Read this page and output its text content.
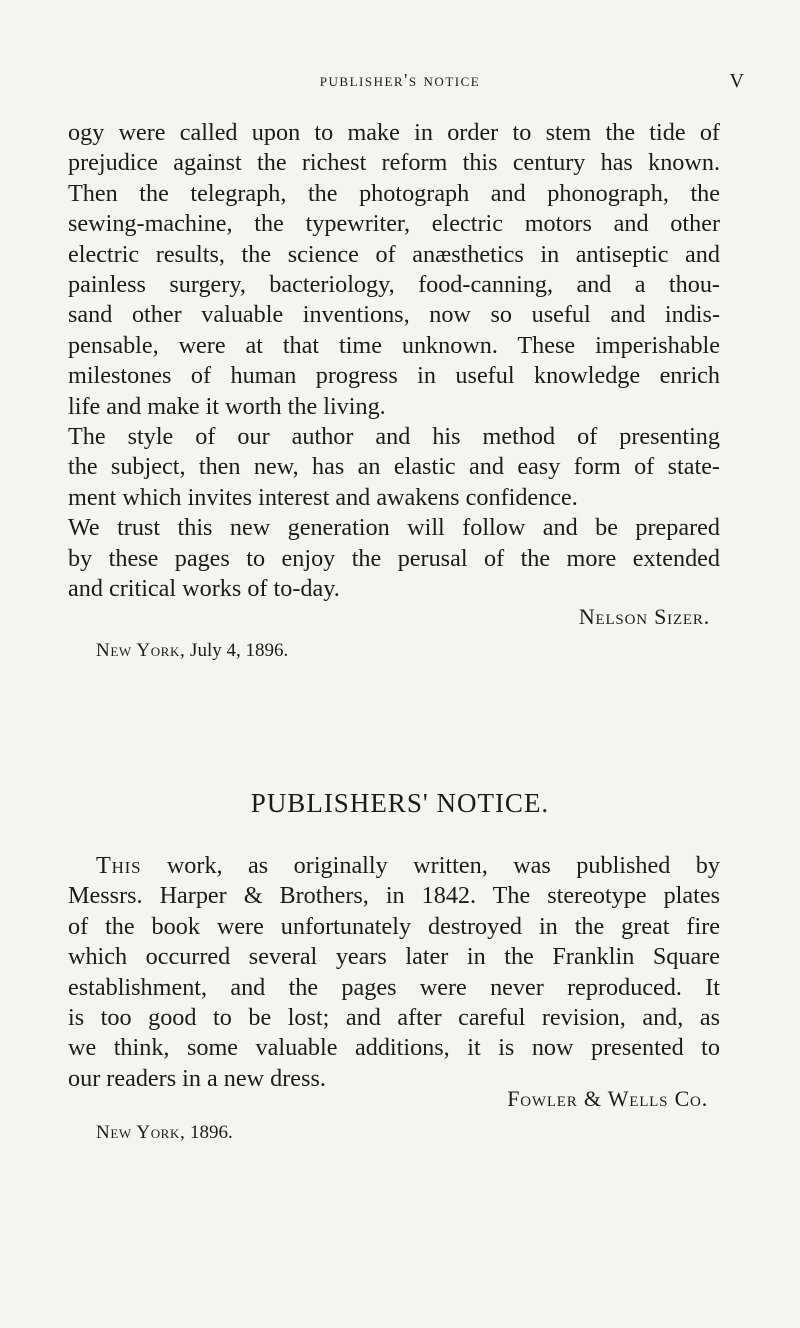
publisher's notice	V
ogy were called upon to make in order to stem the tide of
prejudice against the richest reform this century has known.
Then the telegraph, the photograph and phonograph, the
sewing-machine, the typewriter, electric motors and other
electric results, the science of anæsthetics in antiseptic and
painless surgery, bacteriology, food-canning, and a thou-
sand other valuable inventions, now so useful and indis-
pensable, were at that time unknown. These imperishable
milestones of human progress in useful knowledge enrich
life and make it worth the living.
The style of our author and his method of presenting
the subject, then new, has an elastic and easy form of state-
ment which invites interest and awakens confidence.
We trust this new generation will follow and be prepared
by these pages to enjoy the perusal of the more extended
and critical works of to-day.
Nelson Sizer.
New York, July 4, 1896.
PUBLISHERS' NOTICE.
This work, as originally written, was published by
Messrs. Harper & Brothers, in 1842. The stereotype plates
of the book were unfortunately destroyed in the great fire
which occurred several years later in the Franklin Square
establishment, and the pages were never reproduced. It
is too good to be lost; and after careful revision, and, as
we think, some valuable additions, it is now presented to
our readers in a new dress.
Fowler & Wells Co.
New York, 1896.
